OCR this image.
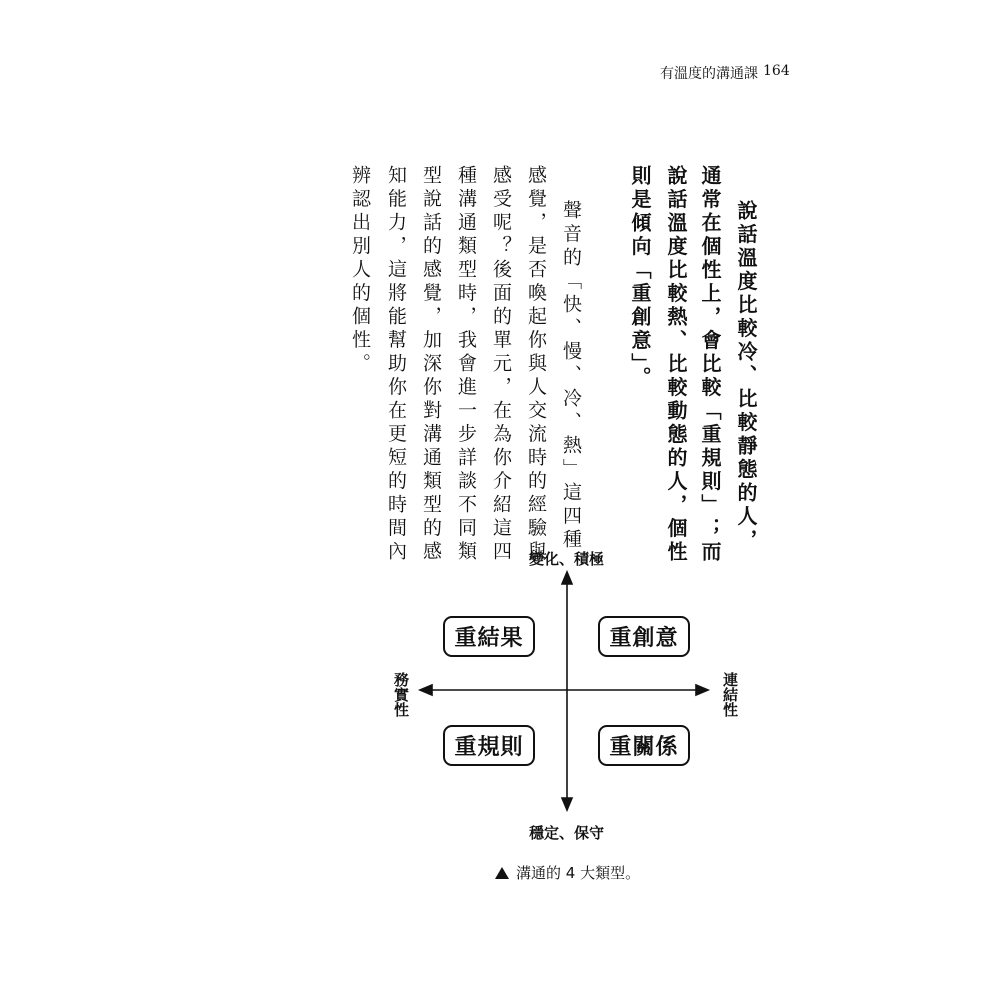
有溫度的溝通課 164
說話溫度比較冷、比較靜態的人，
通常在個性上，會比較「重規則」；而
說話溫度比較熱、比較動態的人，個性
則是傾向「重創意」。
聲音的「快、慢、冷、熱」這四種
感覺，是否喚起你與人交流時的經驗與
感受呢？後面的單元，在為你介紹這四
種溝通類型時，我會進一步詳談不同類
型說話的感覺，加深你對溝通類型的感
知能力，這將能幫助你在更短的時間內
辨認出別人的個性。
變化、積極
穩定、保守
務實性	連結性
重結果	重創意
重規則	重關係
溝通的 4 大類型。
